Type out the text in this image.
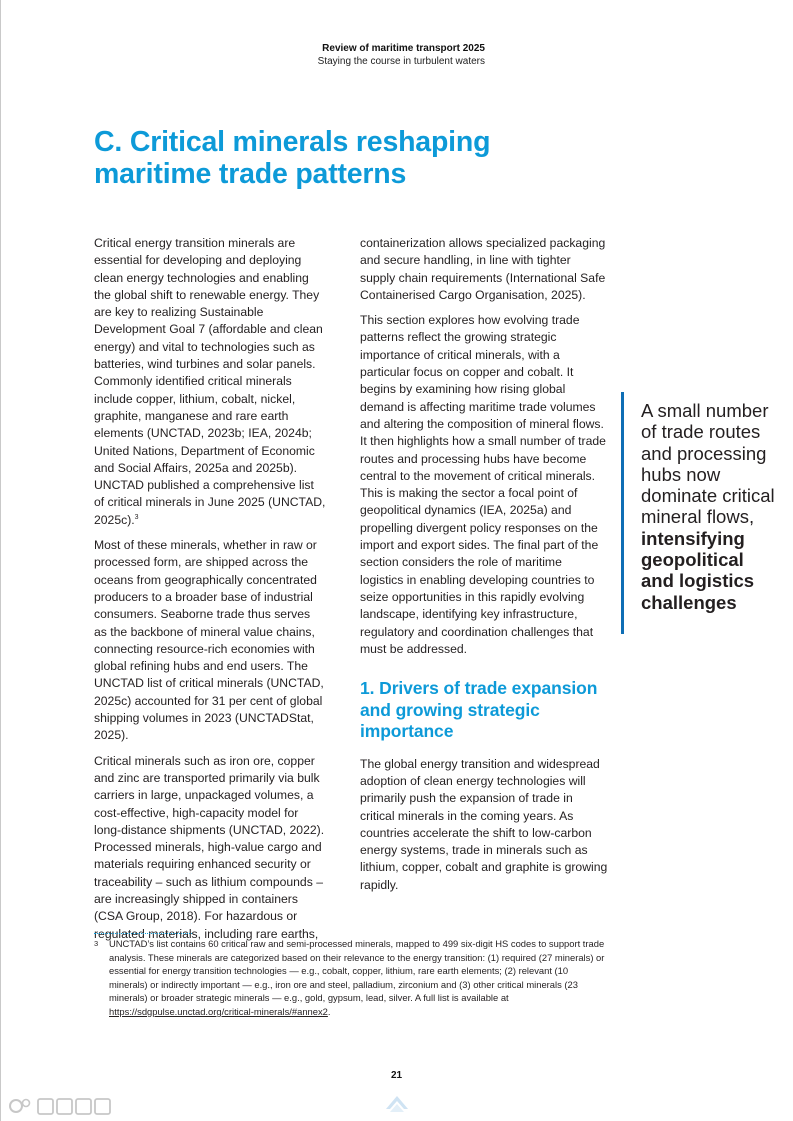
Review of maritime transport 2025
Staying the course in turbulent waters
C. Critical minerals reshaping
maritime trade patterns

Critical energy transition minerals are essential for developing and deploying clean energy technologies and enabling the global shift to renewable energy. They are key to realizing Sustainable Development Goal 7 (affordable and clean energy) and vital to technologies such as batteries, wind turbines and solar panels. Commonly identified critical minerals include copper, lithium, cobalt, nickel, graphite, manganese and rare earth elements (UNCTAD, 2023b; IEA, 2024b; United Nations, Department of Economic and Social Affairs, 2025a and 2025b). UNCTAD published a comprehensive list of critical minerals in June 2025 (UNCTAD, 2025c).$^3$

Most of these minerals, whether in raw or processed form, are shipped across the oceans from geographically concentrated producers to a broader base of industrial consumers. Seaborne trade thus serves as the backbone of mineral value chains, connecting resource-rich economies with global refining hubs and end users. The UNCTAD list of critical minerals (UNCTAD, 2025c) accounted for 31 per cent of global shipping volumes in 2023 (UNCTADStat, 2025).

Critical minerals such as iron ore, copper and zinc are transported primarily via bulk carriers in large, unpackaged volumes, a cost-effective, high-capacity model for long-distance shipments (UNCTAD, 2022). Processed minerals, high-value cargo and materials requiring enhanced security or traceability – such as lithium compounds – are increasingly shipped in containers (CSA Group, 2018). For hazardous or regulated materials, including rare earths,

containerization allows specialized packaging and secure handling, in line with tighter supply chain requirements (International Safe Containerised Cargo Organisation, 2025).

This section explores how evolving trade patterns reflect the growing strategic importance of critical minerals, with a particular focus on copper and cobalt. It begins by examining how rising global demand is affecting maritime trade volumes and altering the composition of mineral flows. It then highlights how a small number of trade routes and processing hubs have become central to the movement of critical minerals. This is making the sector a focal point of geopolitical dynamics (IEA, 2025a) and propelling divergent policy responses on the import and export sides. The final part of the section considers the role of maritime logistics in enabling developing countries to seize opportunities in this rapidly evolving landscape, identifying key infrastructure, regulatory and coordination challenges that must be addressed.

1. Drivers of trade expansion and growing strategic importance

The global energy transition and widespread adoption of clean energy technologies will primarily push the expansion of trade in critical minerals in the coming years. As countries accelerate the shift to low-carbon energy systems, trade in minerals such as lithium, copper, cobalt and graphite is growing rapidly.

A small number of trade routes and processing hubs now dominate critical mineral flows,
intensifying geopolitical and logistics challenges
3 UNCTAD’s list contains 60 critical raw and semi-processed minerals, mapped to 499 six-digit HS codes to support trade analysis. These minerals are categorized based on their relevance to the energy transition: (1) required (27 minerals) or essential for energy transition technologies — e.g., cobalt, copper, lithium, rare earth elements; (2) relevant (10 minerals) or indirectly important — e.g., iron ore and steel, palladium, zirconium and (3) other critical minerals (23 minerals) or broader strategic minerals — e.g., gold, gypsum, lead, silver. A full list is available at https://sdgpulse.unctad.org/critical-minerals/#annex2.
21
